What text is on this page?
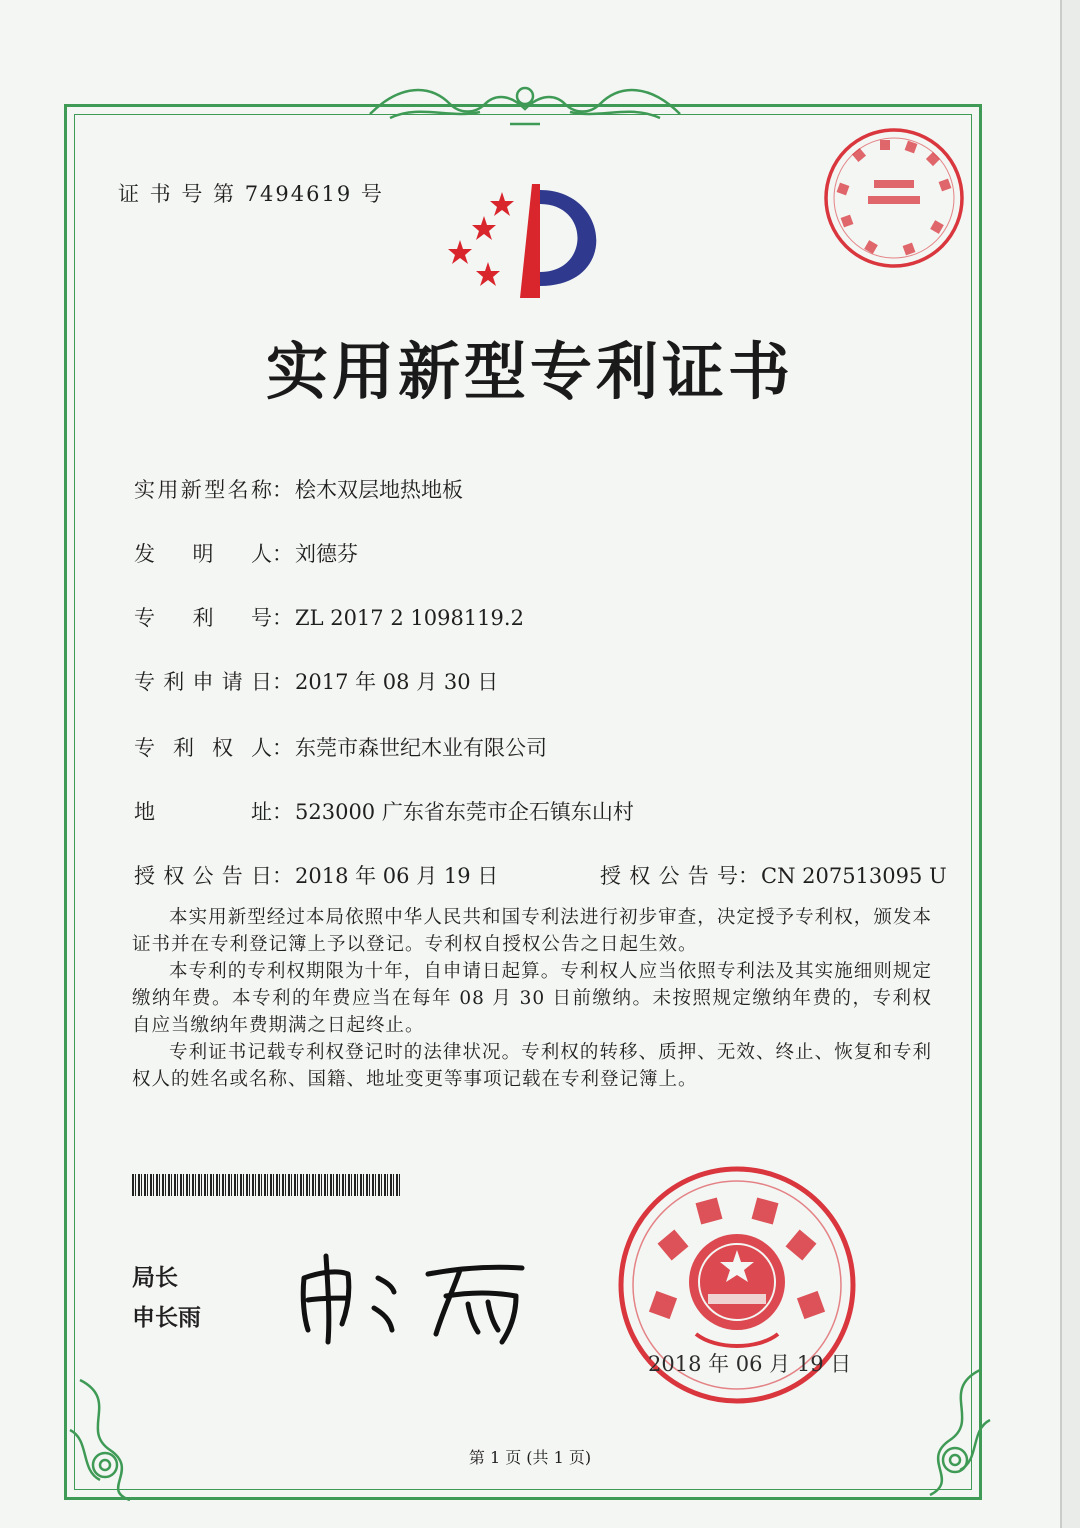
证 书 号 第 7494619 号
实用新型专利证书
实用新型名称：桧木双层地热地板
发明人：刘德芬
专利号：ZL 2017 2 1098119.2
专利申请日：2017 年 08 月 30 日
专利权人：东莞市森世纪木业有限公司
地址：523000 广东省东莞市企石镇东山村
授权公告日：2018 年 06 月 19 日	授权公告号：CN 207513095 U

本实用新型经过本局依照中华人民共和国专利法进行初步审查，决定授予专利权，颁发本证书并在专利登记簿上予以登记。专利权自授权公告之日起生效。

本专利的专利权期限为十年，自申请日起算。专利权人应当依照专利法及其实施细则规定缴纳年费。本专利的年费应当在每年 08 月 30 日前缴纳。未按照规定缴纳年费的，专利权自应当缴纳年费期满之日起终止。

专利证书记载专利权登记时的法律状况。专利权的转移、质押、无效、终止、恢复和专利权人的姓名或名称、国籍、地址变更等事项记载在专利登记簿上。

局长
申长雨
2018 年 06 月 19 日
第 1 页 (共 1 页)
